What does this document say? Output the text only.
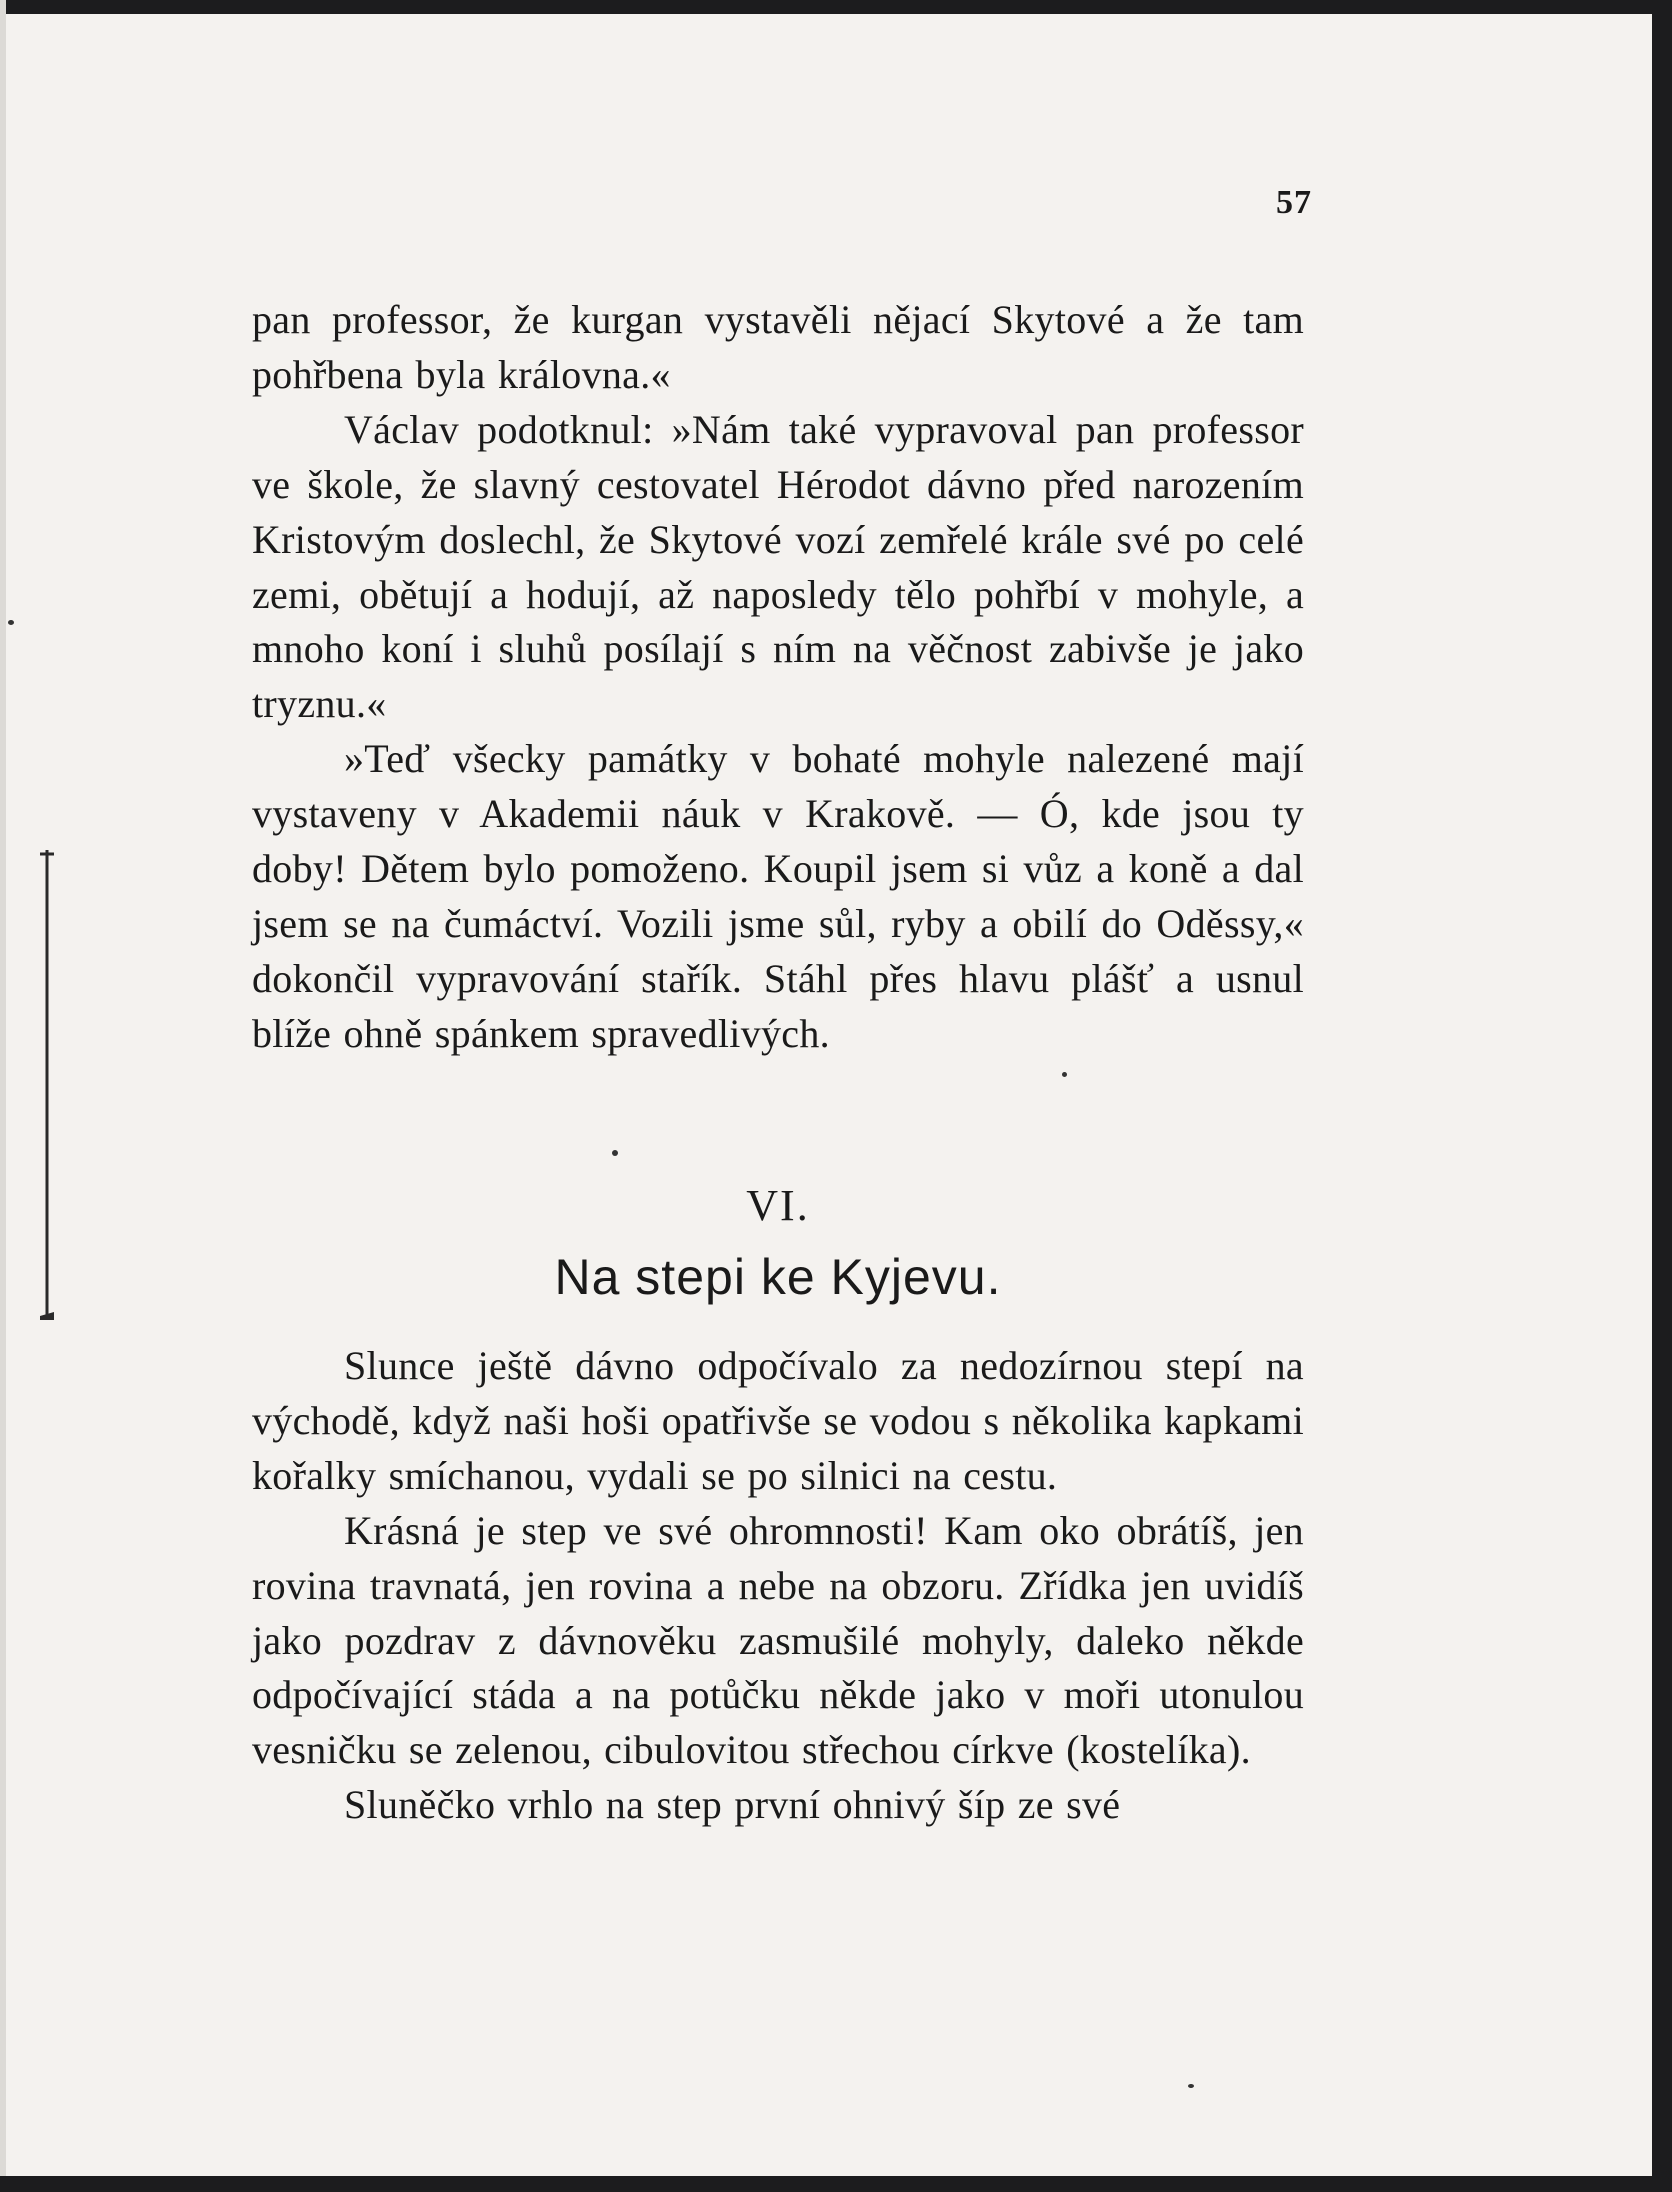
57

pan professor, že kurgan vystavěli nějací Skytové a že tam pohřbena byla královna.«

Václav podotknul: »Nám také vypravoval pan professor ve škole, že slavný cestovatel Hérodot dávno před narozením Kristovým doslechl, že Skytové vozí zemřelé krále své po celé zemi, obětují a hodují, až naposledy tělo pohřbí v mohyle, a mnoho koní i sluhů posílají s ním na věčnost zabivše je jako tryznu.«

»Teď všecky památky v bohaté mohyle nalezené mají vystaveny v Akademii náuk v Krakově. — Ó, kde jsou ty doby! Dětem bylo pomoženo. Koupil jsem si vůz a koně a dal jsem se na čumáctví. Vozili jsme sůl, ryby a obilí do Oděssy,« dokončil vypravování stařík. Stáhl přes hlavu plášť a usnul blíže ohně spánkem spravedlivých.

VI.
Na stepi ke Kyjevu.

Slunce ještě dávno odpočívalo za nedozírnou stepí na východě, když naši hoši opatřivše se vodou s několika kapkami kořalky smíchanou, vydali se po silnici na cestu.

Krásná je step ve své ohromnosti! Kam oko obrátíš, jen rovina travnatá, jen rovina a nebe na obzoru. Zřídka jen uvidíš jako pozdrav z dávnověku zasmušilé mohyly, daleko někde odpočívající stáda a na potůčku někde jako v moři utonulou vesničku se zelenou, cibulovitou střechou církve (kostelíka).

Sluněčko vrhlo na step první ohnivý šíp ze své
